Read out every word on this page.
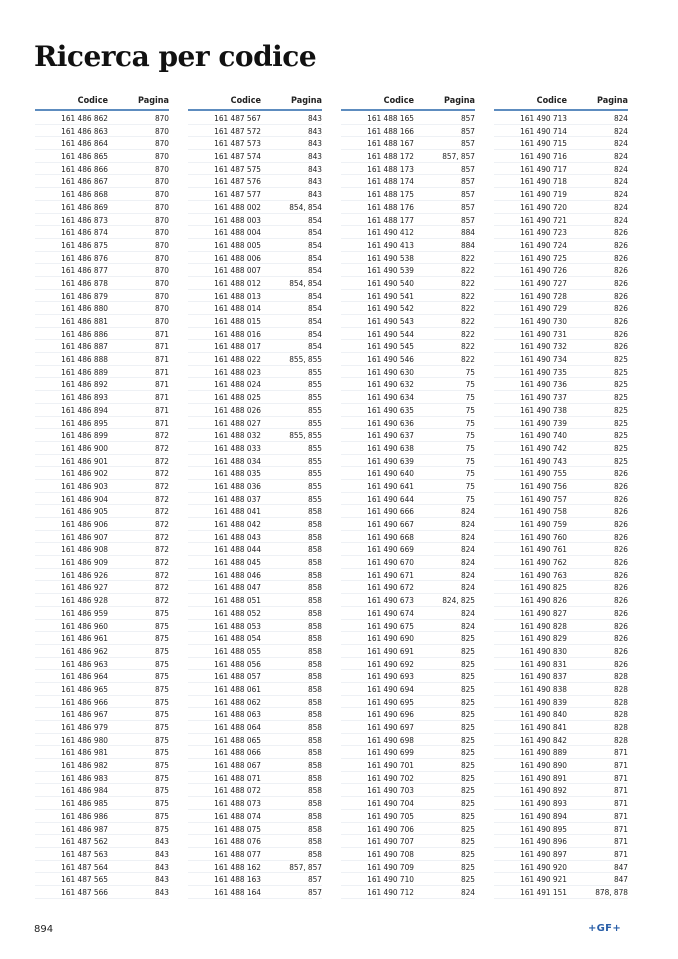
Ricerca per codice
Codice	Pagina
161 486 862	870
161 486 863	870
161 486 864	870
161 486 865	870
161 486 866	870
161 486 867	870
161 486 868	870
161 486 869	870
161 486 873	870
161 486 874	870
161 486 875	870
161 486 876	870
161 486 877	870
161 486 878	870
161 486 879	870
161 486 880	870
161 486 881	870
161 486 886	871
161 486 887	871
161 486 888	871
161 486 889	871
161 486 892	871
161 486 893	871
161 486 894	871
161 486 895	871
161 486 899	872
161 486 900	872
161 486 901	872
161 486 902	872
161 486 903	872
161 486 904	872
161 486 905	872
161 486 906	872
161 486 907	872
161 486 908	872
161 486 909	872
161 486 926	872
161 486 927	872
161 486 928	872
161 486 959	875
161 486 960	875
161 486 961	875
161 486 962	875
161 486 963	875
161 486 964	875
161 486 965	875
161 486 966	875
161 486 967	875
161 486 979	875
161 486 980	875
161 486 981	875
161 486 982	875
161 486 983	875
161 486 984	875
161 486 985	875
161 486 986	875
161 486 987	875
161 487 562	843
161 487 563	843
161 487 564	843
161 487 565	843
161 487 566	843
Codice	Pagina
161 487 567	843
161 487 572	843
161 487 573	843
161 487 574	843
161 487 575	843
161 487 576	843
161 487 577	843
161 488 002	854, 854
161 488 003	854
161 488 004	854
161 488 005	854
161 488 006	854
161 488 007	854
161 488 012	854, 854
161 488 013	854
161 488 014	854
161 488 015	854
161 488 016	854
161 488 017	854
161 488 022	855, 855
161 488 023	855
161 488 024	855
161 488 025	855
161 488 026	855
161 488 027	855
161 488 032	855, 855
161 488 033	855
161 488 034	855
161 488 035	855
161 488 036	855
161 488 037	855
161 488 041	858
161 488 042	858
161 488 043	858
161 488 044	858
161 488 045	858
161 488 046	858
161 488 047	858
161 488 051	858
161 488 052	858
161 488 053	858
161 488 054	858
161 488 055	858
161 488 056	858
161 488 057	858
161 488 061	858
161 488 062	858
161 488 063	858
161 488 064	858
161 488 065	858
161 488 066	858
161 488 067	858
161 488 071	858
161 488 072	858
161 488 073	858
161 488 074	858
161 488 075	858
161 488 076	858
161 488 077	858
161 488 162	857, 857
161 488 163	857
161 488 164	857
Codice	Pagina
161 488 165	857
161 488 166	857
161 488 167	857
161 488 172	857, 857
161 488 173	857
161 488 174	857
161 488 175	857
161 488 176	857
161 488 177	857
161 490 412	884
161 490 413	884
161 490 538	822
161 490 539	822
161 490 540	822
161 490 541	822
161 490 542	822
161 490 543	822
161 490 544	822
161 490 545	822
161 490 546	822
161 490 630	75
161 490 632	75
161 490 634	75
161 490 635	75
161 490 636	75
161 490 637	75
161 490 638	75
161 490 639	75
161 490 640	75
161 490 641	75
161 490 644	75
161 490 666	824
161 490 667	824
161 490 668	824
161 490 669	824
161 490 670	824
161 490 671	824
161 490 672	824
161 490 673	824, 825
161 490 674	824
161 490 675	824
161 490 690	825
161 490 691	825
161 490 692	825
161 490 693	825
161 490 694	825
161 490 695	825
161 490 696	825
161 490 697	825
161 490 698	825
161 490 699	825
161 490 701	825
161 490 702	825
161 490 703	825
161 490 704	825
161 490 705	825
161 490 706	825
161 490 707	825
161 490 708	825
161 490 709	825
161 490 710	825
161 490 712	824
Codice	Pagina
161 490 713	824
161 490 714	824
161 490 715	824
161 490 716	824
161 490 717	824
161 490 718	824
161 490 719	824
161 490 720	824
161 490 721	824
161 490 723	826
161 490 724	826
161 490 725	826
161 490 726	826
161 490 727	826
161 490 728	826
161 490 729	826
161 490 730	826
161 490 731	826
161 490 732	826
161 490 734	825
161 490 735	825
161 490 736	825
161 490 737	825
161 490 738	825
161 490 739	825
161 490 740	825
161 490 742	825
161 490 743	825
161 490 755	826
161 490 756	826
161 490 757	826
161 490 758	826
161 490 759	826
161 490 760	826
161 490 761	826
161 490 762	826
161 490 763	826
161 490 825	826
161 490 826	826
161 490 827	826
161 490 828	826
161 490 829	826
161 490 830	826
161 490 831	826
161 490 837	828
161 490 838	828
161 490 839	828
161 490 840	828
161 490 841	828
161 490 842	828
161 490 889	871
161 490 890	871
161 490 891	871
161 490 892	871
161 490 893	871
161 490 894	871
161 490 895	871
161 490 896	871
161 490 897	871
161 490 920	847
161 490 921	847
161 491 151	878, 878
894	+GF+
